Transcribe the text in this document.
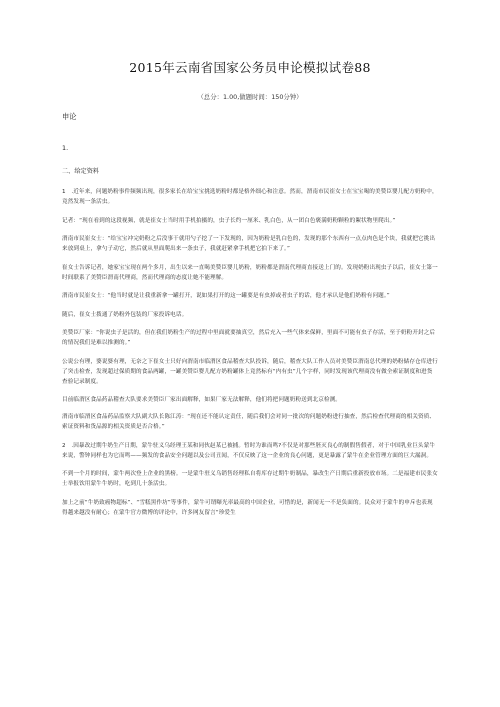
2015年云南省国家公务员申论模拟试卷88
（总分：1.00,做题时间：150分钟）
申论
1.
二、给定资料

1　.近年来，问题奶粉事件频频出现，很多家长在给宝宝挑选奶粉时都是格外细心和注意。然而，渭南市民崔女士在宝宝喝的美赞臣婴儿配方奶粉中，竟然发现一条活虫。

记者：“现在看到的这段视频，就是崔女士当时用手机拍摄的，虫子长约一厘米、乳白色，从一团白色褒満奶粉颗粒的絮状物里爬出。”

渭南市民崔女士：“给宝宝冲完奶粉之后没事干就用勺子挖了一下发现的，因为奶粉是乳白色的，发现的那个东西有一点点肉色是个块，我就把它挑出来放到桌上，拿勺子动它，然后就从里面爬出来一条虫子，我就赶紧拿手机把它拍下来了。”

崔女士告诉记者，她家宝宝现在两个多月，出生以来一直喝美赞臣婴儿奶粉，奶粉都是渭南代理商直接送上门的。发现奶粉出现虫子以后，崔女士第一时间联系了美赞臣渭南代理商，然而代理商的态度让她不能理解。

渭南市民崔女士：“他当时就是让我重新拿一罐打开，说如果打开的这一罐要是有虫掉或者虫子的话，他才承认是他们奶粉有问题。”

随后，崔女士拨通了奶粉外包装的厂家投诉电话。

美赞臣厂家：“你说虫子是活的，但在我们奶粉生产的过程中里面就要抽真空，然后充入一些气体来保鲜，里面不可能有虫子存活，至于奶粉开封之后的情况我们是难以推测的。”

公说公有理，婆说婆有理，无奈之下崔女士只好向渭南市临渭区食品稽查大队投诉，随后，稽查大队工作人员对美赞臣渭南总代理的奶粉储存仓库进行了突击检查，发现超过保质期的食品两罐，一罐美赞臣婴儿配方奶粉罐体上竟然标有“内有虫”几个字样，同时发现该代理商没有做全索证制度和进货查验记录制度。

目前临渭区食品药品稽查大队要求美赞臣厂家出面解释，如果厂家无法解释，他们将把问题奶粉送到北京检测。

渭南市临渭区食品药品监察大队副大队长陈江涛：“现在还不能认定责任，随后我们会对同一批次的问题奶粉进行抽查，然后检查代理商的相关资质、索证资料和货品源的相关资质是否合格。”

2　.因暴改过期牛奶生产日期，蒙牛驻义乌经理王某和同伙赵某已被捕。暂时为谁而鸣?不仅是对那些胚灭良心的制假售假者，对于中国乳业巨头蒙牛来说，警钟同样也为它而鸣——频发的食品安全问题以及公司丑闻，不仅反映了这一企业的良心问题，更是暴露了蒙牛在企业管理方面的巨大漏洞。

不到一个月的时间，蒙牛两次登上企业的黑榜。一是蒙牛驻义乌销售经理私自将库存过期牛奶制品，暴改生产日期后重新投放市场。二是福建市民张女士举报饮用蒙牛牛奶时，吃到几十条活虫。

加上之前“牛奶致癌物超标”、“雪糕黑作坊”等事件，蒙牛可谓曝光率最高的中国企业，可惜的是，新闻无一不是负面的。民众对于蒙牛的申斥也表现得越来越没有耐心；在蒙牛官方微博的评论中，许多网友留言“珍爱生
